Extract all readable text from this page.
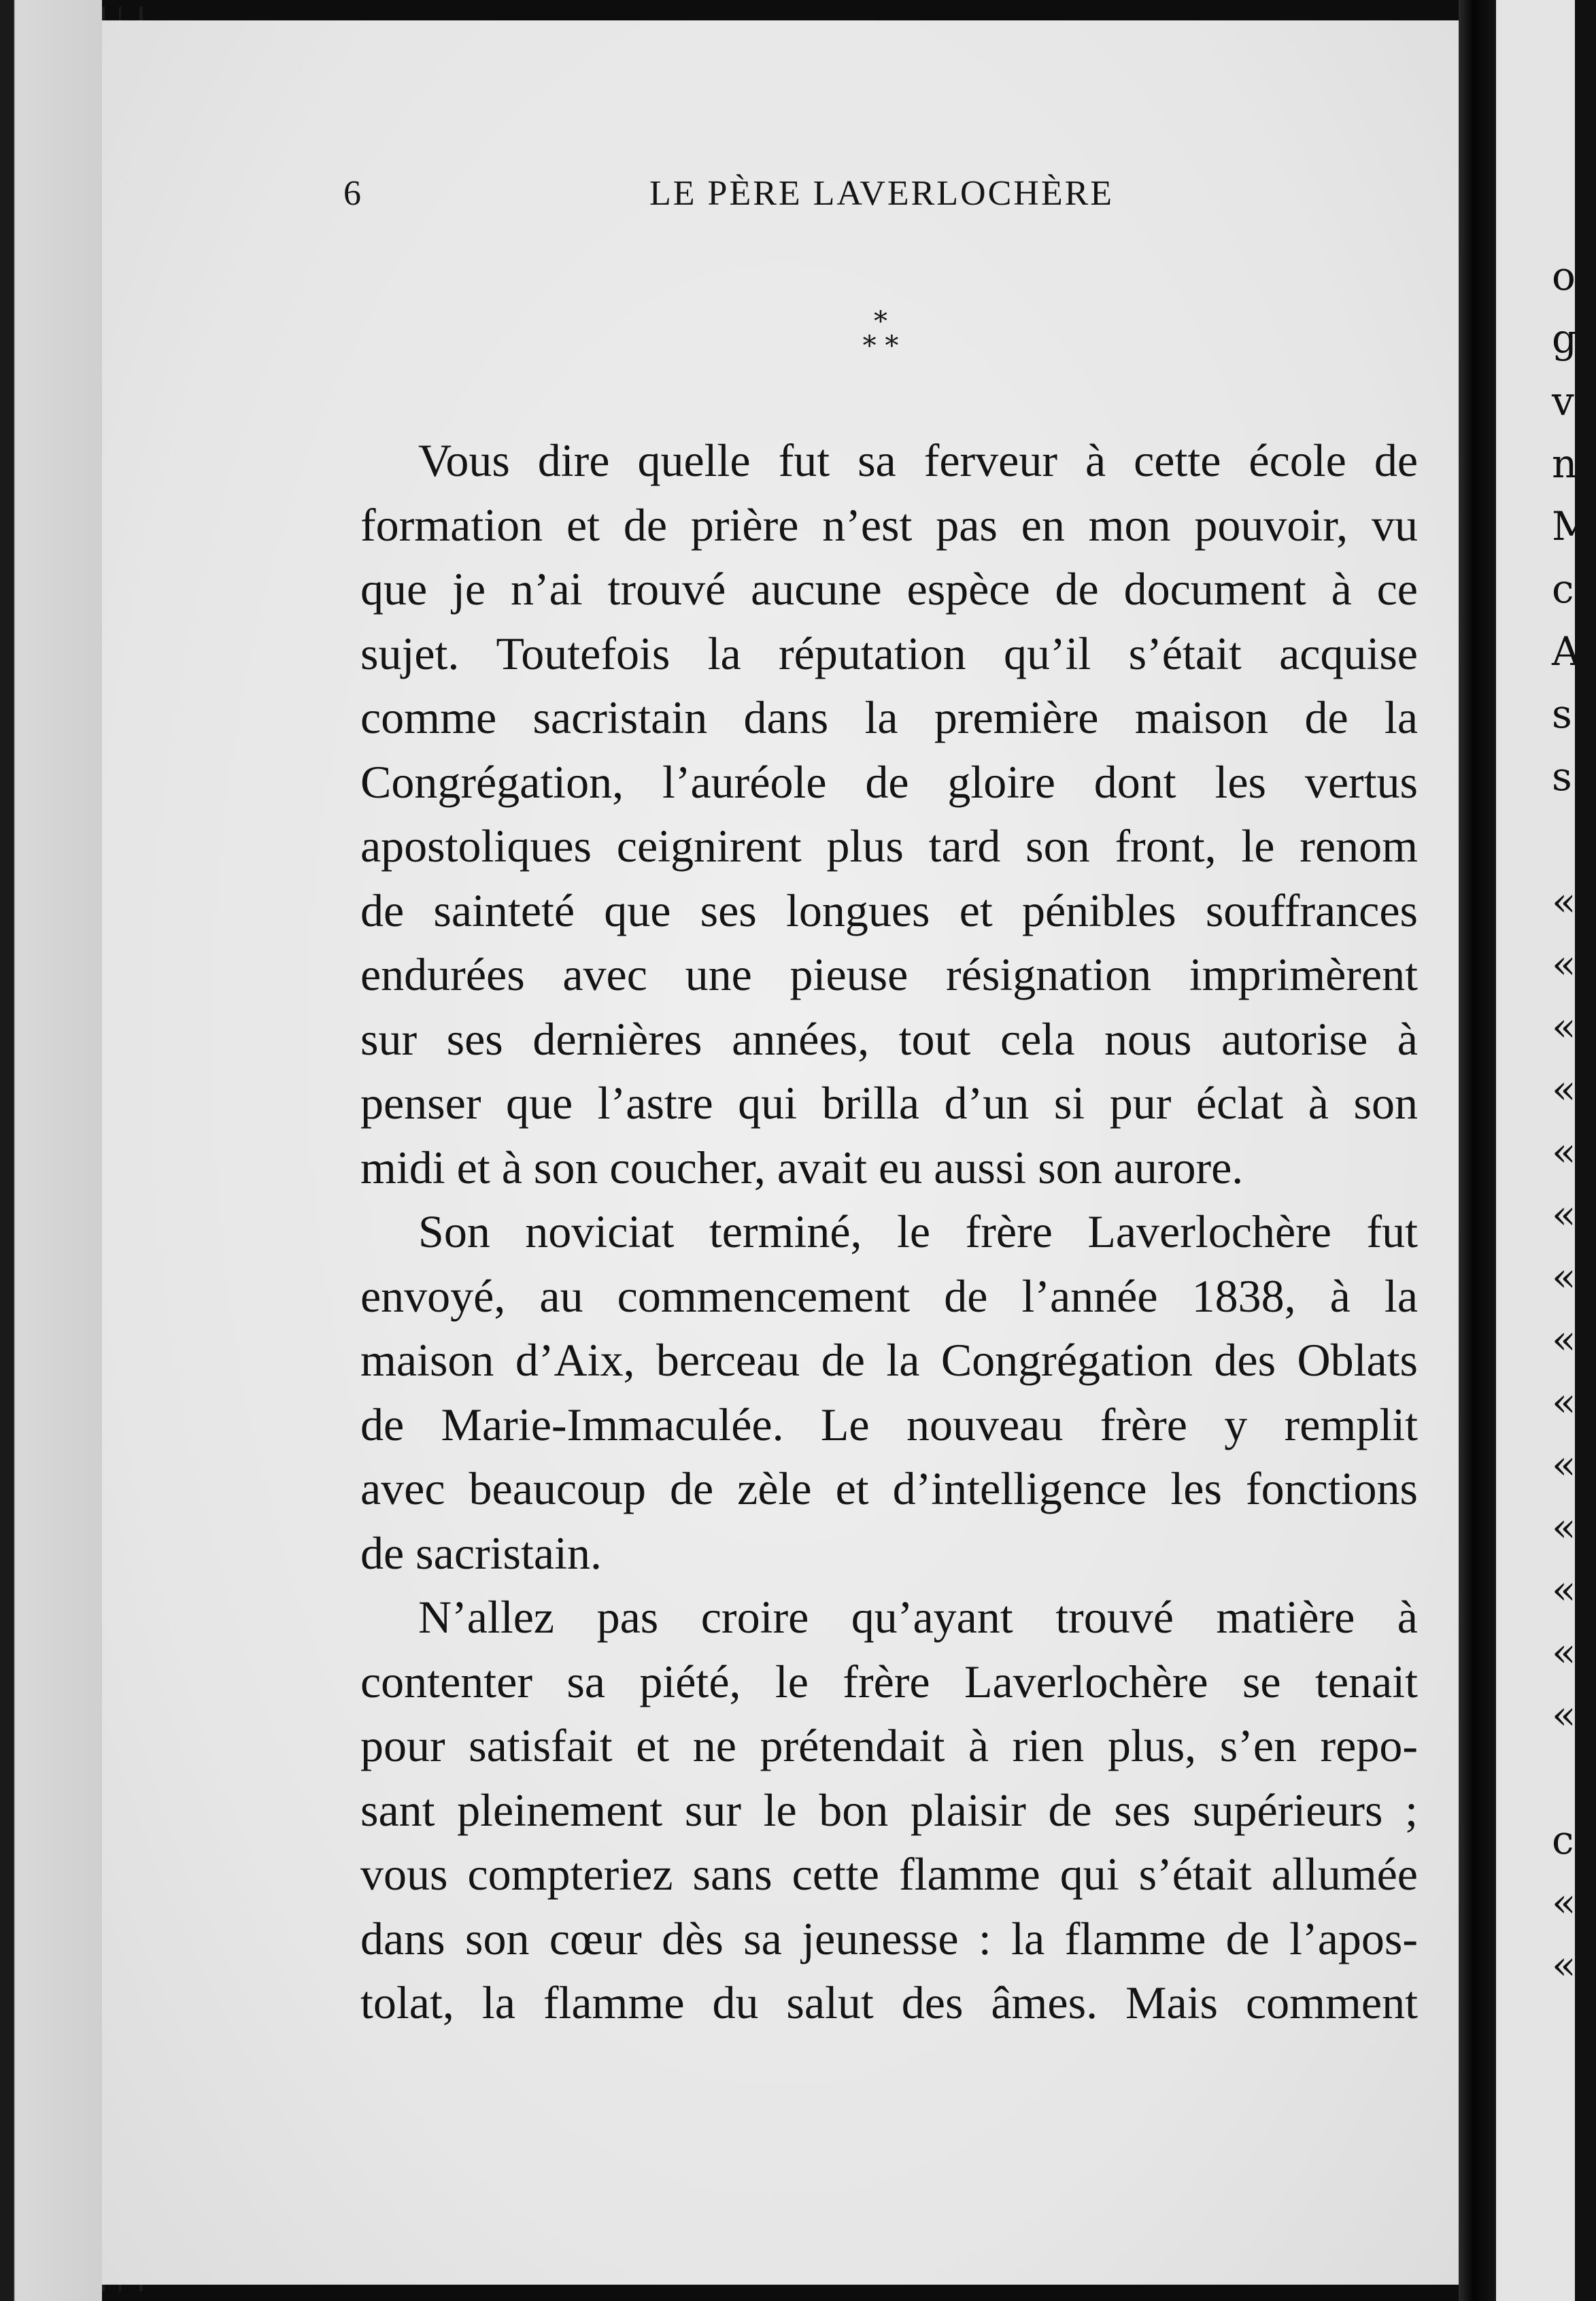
6	LE PÈRE LAVERLOCHÈRE
*
* *
Vous dire quelle fut sa ferveur à cette école de
formation et de prière n’est pas en mon pouvoir, vu
que je n’ai trouvé aucune espèce de document à ce
sujet. Toutefois la réputation qu’il s’était acquise
comme sacristain dans la première maison de la
Congrégation, l’auréole de gloire dont les vertus
apostoliques ceignirent plus tard son front, le renom
de sainteté que ses longues et pénibles souffrances
endurées avec une pieuse résignation imprimèrent
sur ses dernières années, tout cela nous autorise à
penser que l’astre qui brilla d’un si pur éclat à son
midi et à son coucher, avait eu aussi son aurore.
Son noviciat terminé, le frère Laverlochère fut
envoyé, au commencement de l’année 1838, à la
maison d’Aix, berceau de la Congrégation des Oblats
de Marie-Immaculée. Le nouveau frère y remplit
avec beaucoup de zèle et d’intelligence les fonctions
de sacristain.
N’allez pas croire qu’ayant trouvé matière à
contenter sa piété, le frère Laverlochère se tenait
pour satisfait et ne prétendait à rien plus, s’en repo-
sant pleinement sur le bon plaisir de ses supérieurs ;
vous compteriez sans cette flamme qui s’était allumée
dans son cœur dès sa jeunesse : la flamme de l’apos-
tolat, la flamme du salut des âmes. Mais comment
o
g
v
n
M
c
A
s
s
«
«
«
«
«
«
«
«
«
«
«
«
«
«
cc
«
«
